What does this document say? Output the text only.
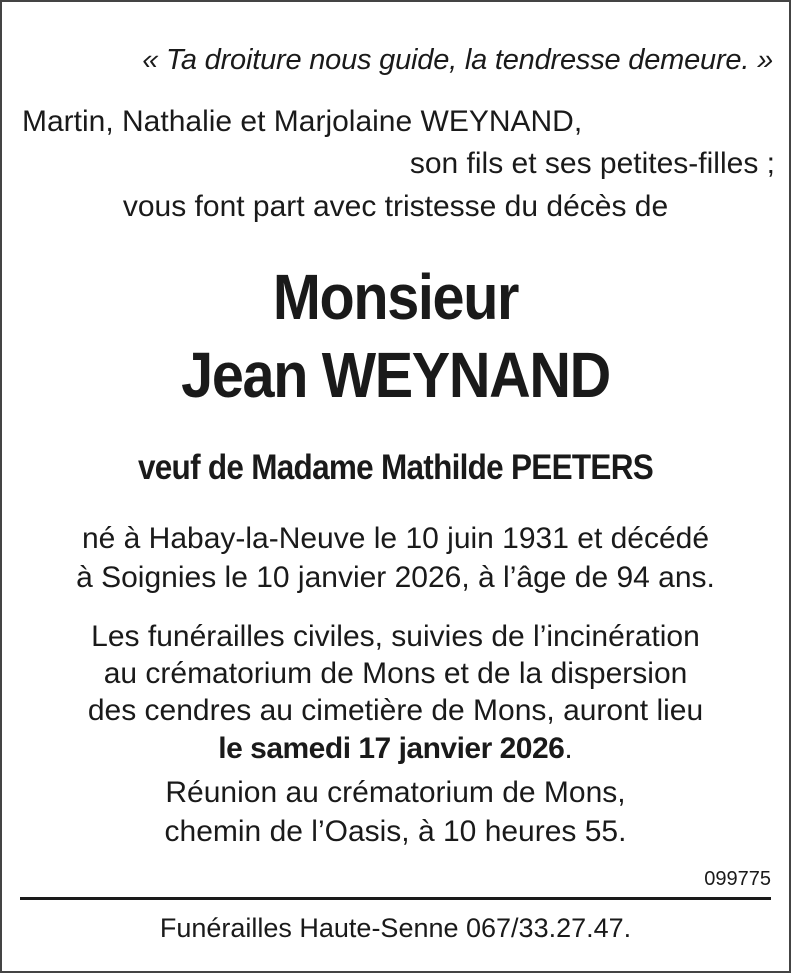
« Ta droiture nous guide, la tendresse demeure. »
Martin, Nathalie et Marjolaine WEYNAND,
son fils et ses petites-filles ;
vous font part avec tristesse du décès de
Monsieur
Jean WEYNAND
veuf de Madame Mathilde PEETERS
né à Habay-la-Neuve le 10 juin 1931 et décédé
à Soignies le 10 janvier 2026, à l’âge de 94 ans.
Les funérailles civiles, suivies de l’incinération
au crématorium de Mons et de la dispersion
des cendres au cimetière de Mons, auront lieu
le samedi 17 janvier 2026.
Réunion au crématorium de Mons,
chemin de l’Oasis, à 10 heures 55.
099775
Funérailles Haute-Senne 067/33.27.47.
